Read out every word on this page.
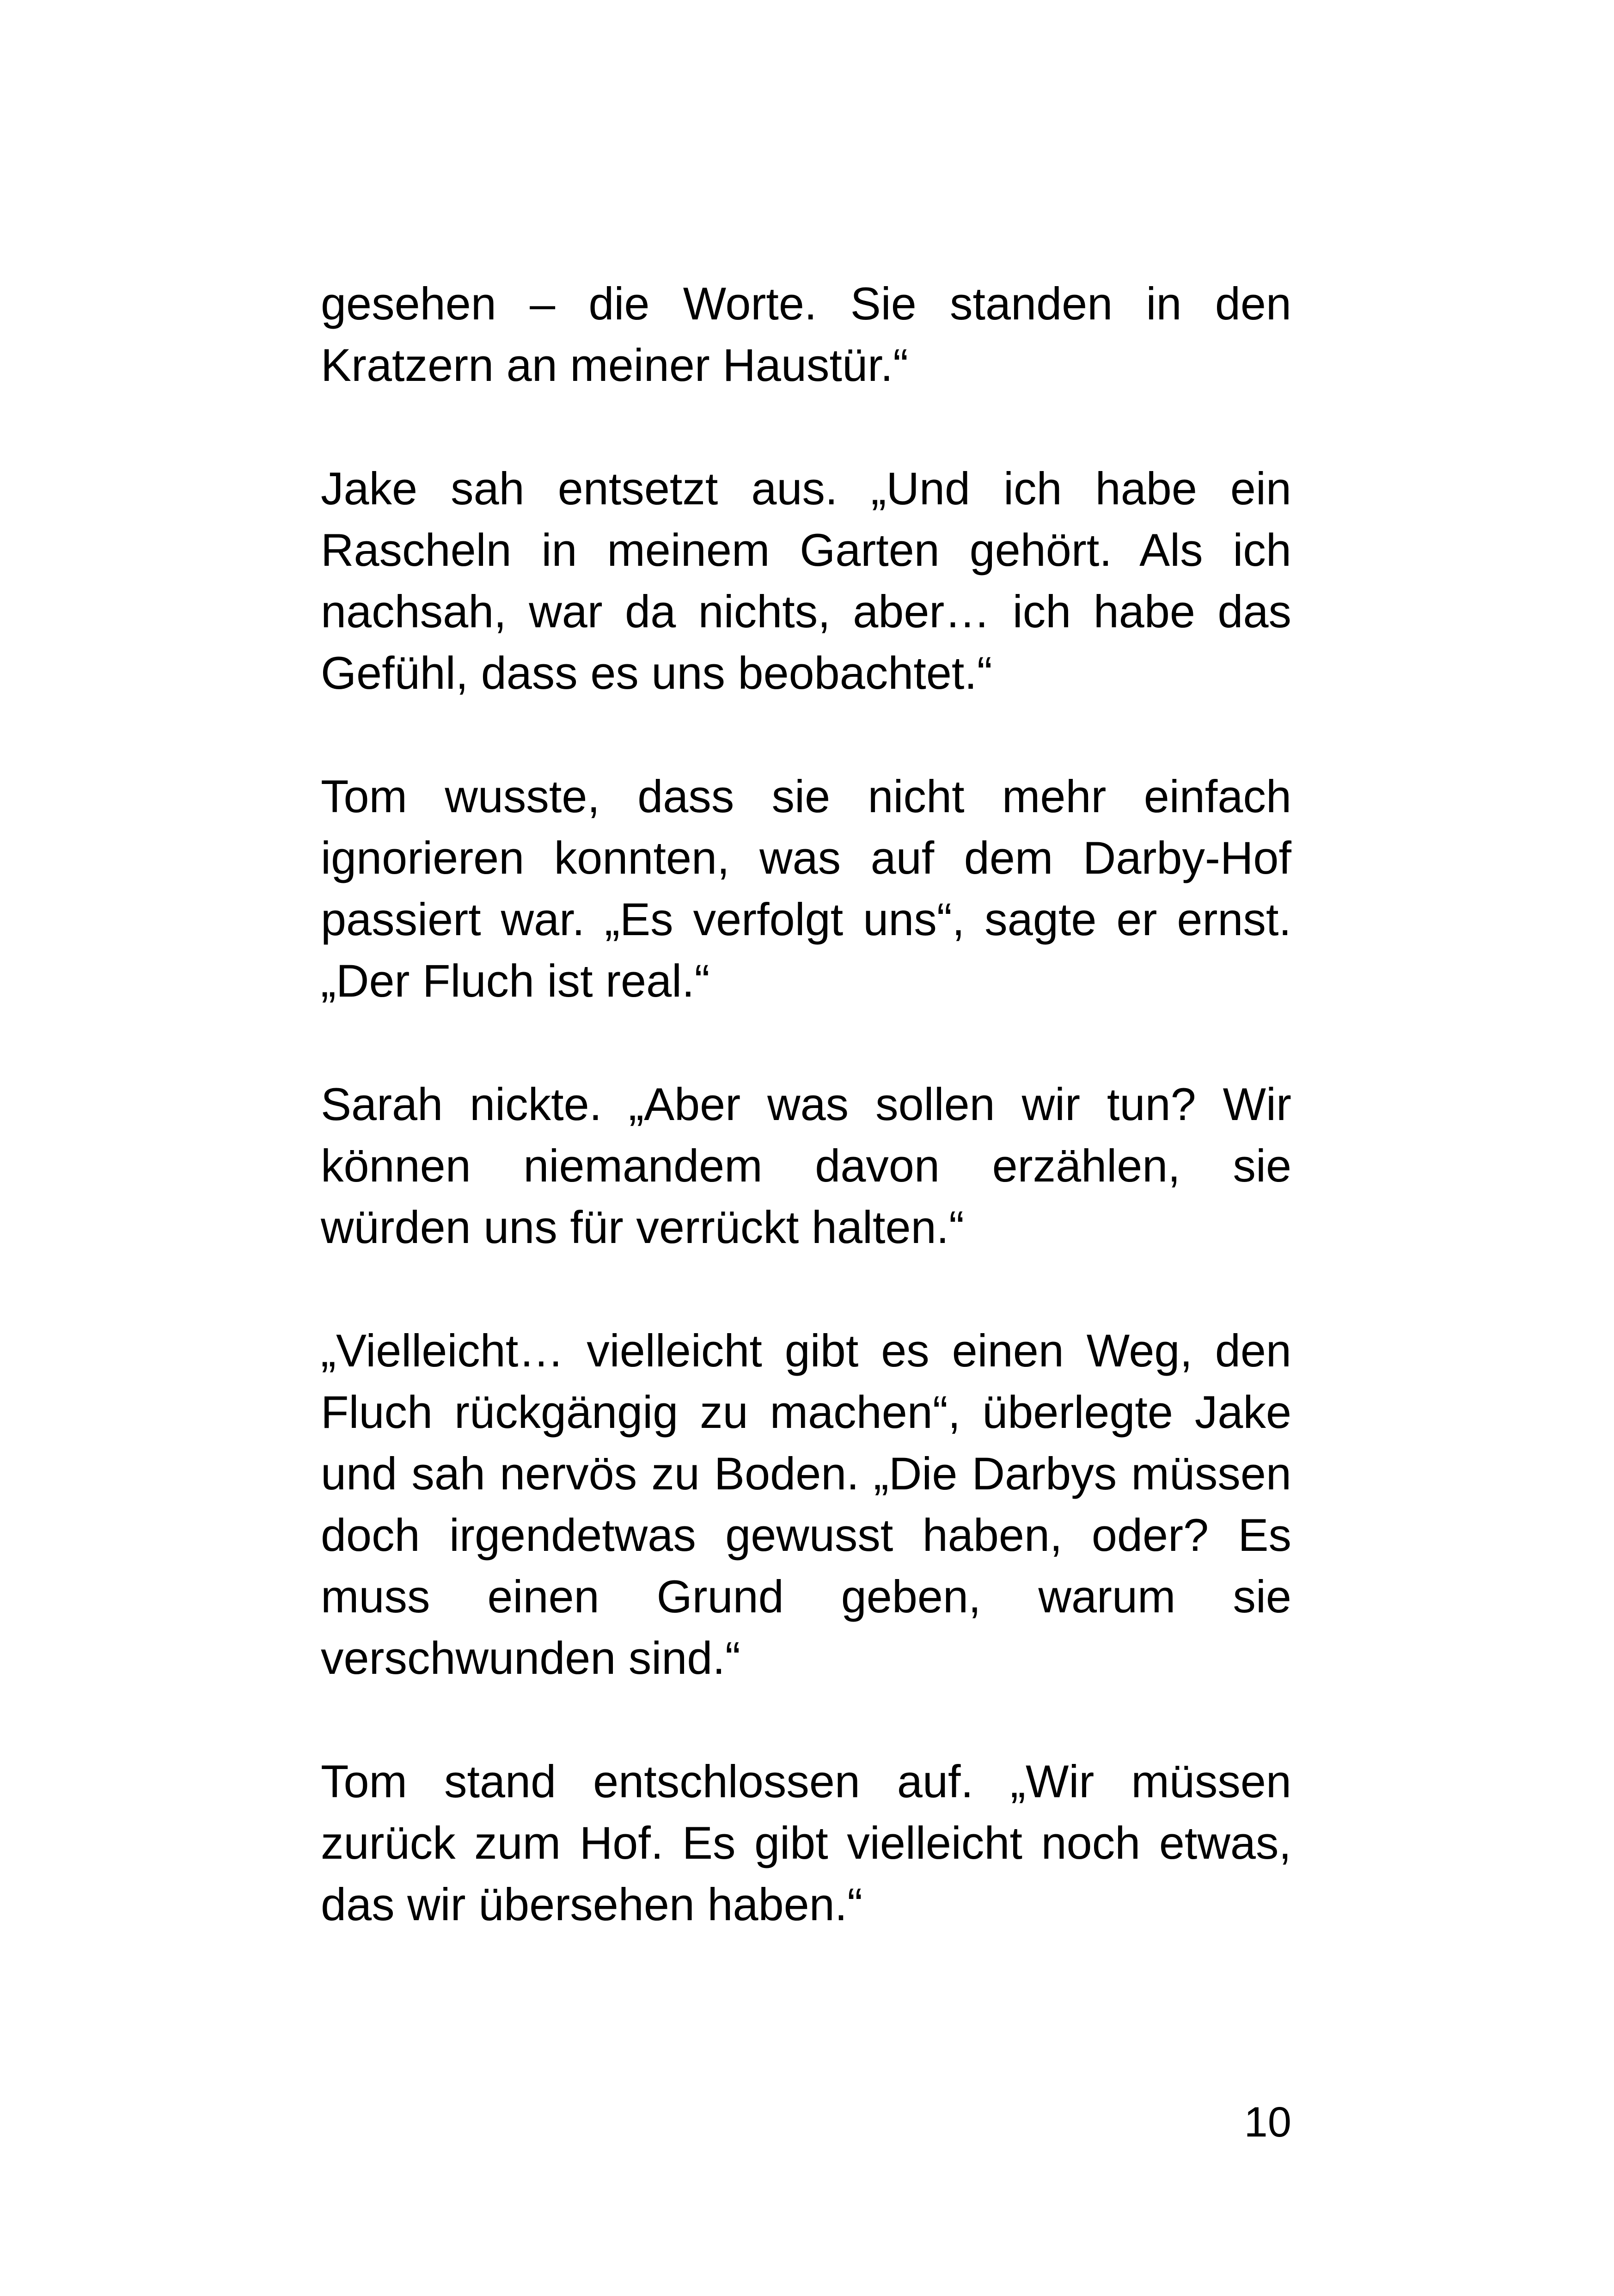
gesehen – die Worte. Sie standen in den Kratzern an meiner Haustür.“

Jake sah entsetzt aus. „Und ich habe ein Rascheln in meinem Garten gehört. Als ich nachsah, war da nichts, aber… ich habe das Gefühl, dass es uns beobachtet.“

Tom wusste, dass sie nicht mehr einfach ignorieren konnten, was auf dem Darby-Hof passiert war. „Es verfolgt uns“, sagte er ernst. „Der Fluch ist real.“

Sarah nickte. „Aber was sollen wir tun? Wir können niemandem davon erzählen, sie würden uns für verrückt halten.“

„Vielleicht… vielleicht gibt es einen Weg, den Fluch rückgängig zu machen“, überlegte Jake und sah nervös zu Boden. „Die Darbys müssen doch irgendetwas gewusst haben, oder? Es muss einen Grund geben, warum sie verschwunden sind.“

Tom stand entschlossen auf. „Wir müssen zurück zum Hof. Es gibt vielleicht noch etwas, das wir übersehen haben.“

10
